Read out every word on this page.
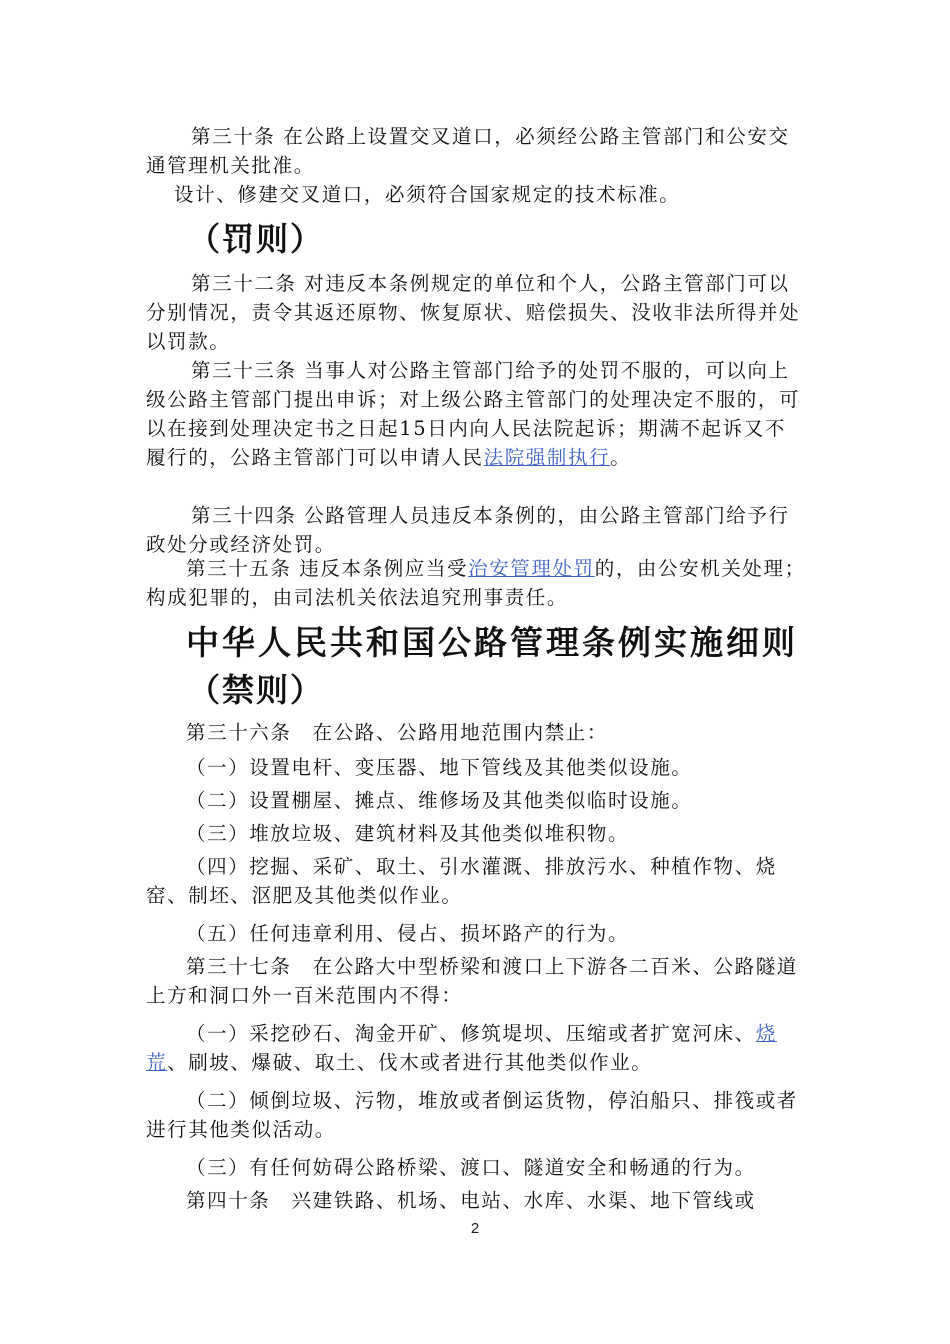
第三十条 在公路上设置交叉道口，必须经公路主管部门和公安交通管理机关批准。

设计、修建交叉道口，必须符合国家规定的技术标准。

（罚则）

第三十二条 对违反本条例规定的单位和个人，公路主管部门可以分别情况，责令其返还原物、恢复原状、赔偿损失、没收非法所得并处以罚款。

第三十三条 当事人对公路主管部门给予的处罚不服的，可以向上级公路主管部门提出申诉；对上级公路主管部门的处理决定不服的，可以在接到处理决定书之日起15日内向人民法院起诉；期满不起诉又不履行的，公路主管部门可以申请人民法院强制执行。

第三十四条 公路管理人员违反本条例的，由公路主管部门给予行政处分或经济处罚。

第三十五条 违反本条例应当受治安管理处罚的，由公安机关处理；构成犯罪的，由司法机关依法追究刑事责任。

中华人民共和国公路管理条例实施细则
（禁则）

第三十六条　在公路、公路用地范围内禁止：

（一）设置电杆、变压器、地下管线及其他类似设施。

（二）设置棚屋、摊点、维修场及其他类似临时设施。

（三）堆放垃圾、建筑材料及其他类似堆积物。

（四）挖掘、采矿、取土、引水灌溉、排放污水、种植作物、烧窑、制坯、沤肥及其他类似作业。

（五）任何违章利用、侵占、损坏路产的行为。

第三十七条　在公路大中型桥梁和渡口上下游各二百米、公路隧道上方和洞口外一百米范围内不得：

（一）采挖砂石、淘金开矿、修筑堤坝、压缩或者扩宽河床、烧荒、刷坡、爆破、取土、伐木或者进行其他类似作业。

（二）倾倒垃圾、污物，堆放或者倒运货物，停泊船只、排筏或者进行其他类似活动。

（三）有任何妨碍公路桥梁、渡口、隧道安全和畅通的行为。

第四十条　兴建铁路、机场、电站、水库、水渠、地下管线或

2
